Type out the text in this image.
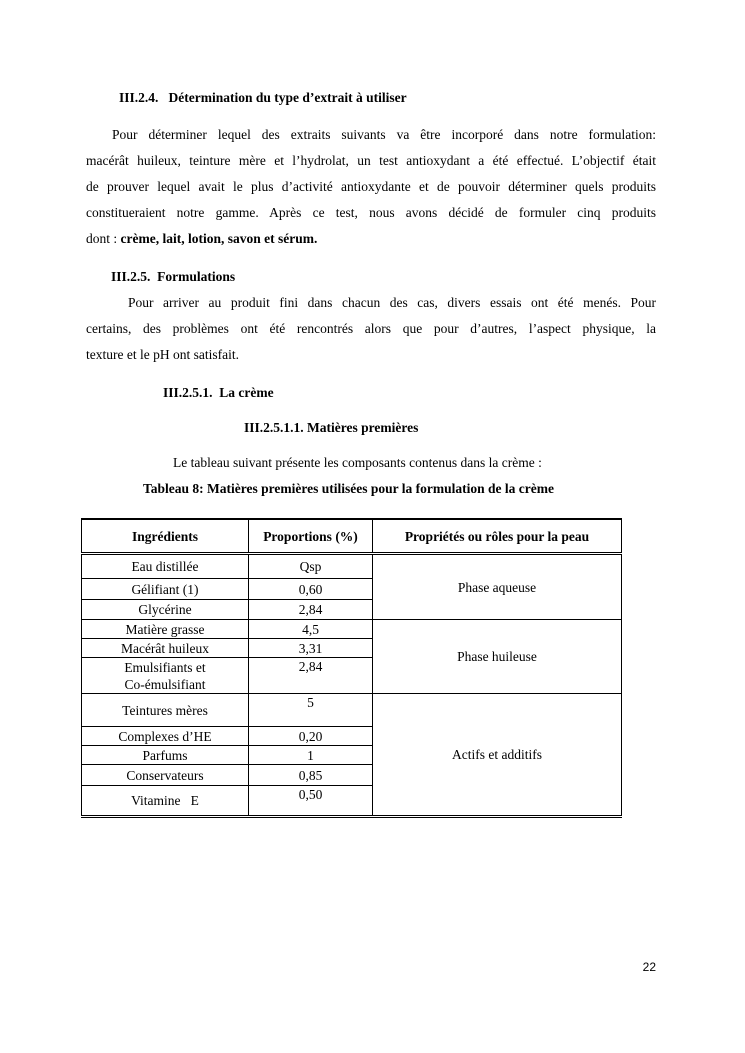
III.2.4. Détermination du type d’extrait à utiliser
Pour déterminer lequel des extraits suivants va être incorporé dans notre formulation:
macérât huileux, teinture mère et l’hydrolat, un test antioxydant a été effectué. L’objectif était
de prouver lequel avait le plus d’activité antioxydante et de pouvoir déterminer quels produits
constitueraient notre gamme. Après ce test, nous avons décidé de formuler cinq produits
dont : crème, lait, lotion, savon et sérum.
III.2.5. Formulations
Pour arriver au produit fini dans chacun des cas, divers essais ont été menés. Pour
certains, des problèmes ont été rencontrés alors que pour d’autres, l’aspect physique, la
texture et le pH ont satisfait.
III.2.5.1. La crème
III.2.5.1.1. Matières premières
Le tableau suivant présente les composants contenus dans la crème :
Tableau 8: Matières premières utilisées pour la formulation de la crème
Ingrédients	Proportions (%)	Propriétés ou rôles pour la peau
Eau distillée	Qsp	Phase aqueuse
Gélifiant (1)	0,60	
Glycérine	2,84	
Matière grasse	4,5	Phase huileuse
Macérât huileux	3,31	

Emulsifiants et
Co-émulsifiant	2,84	
Teintures mères	5	Actifs et additifs
Complexes d’HE	0,20	
Parfums	1	
Conservateurs	0,85	
Vitamine   E	0,50	
22
